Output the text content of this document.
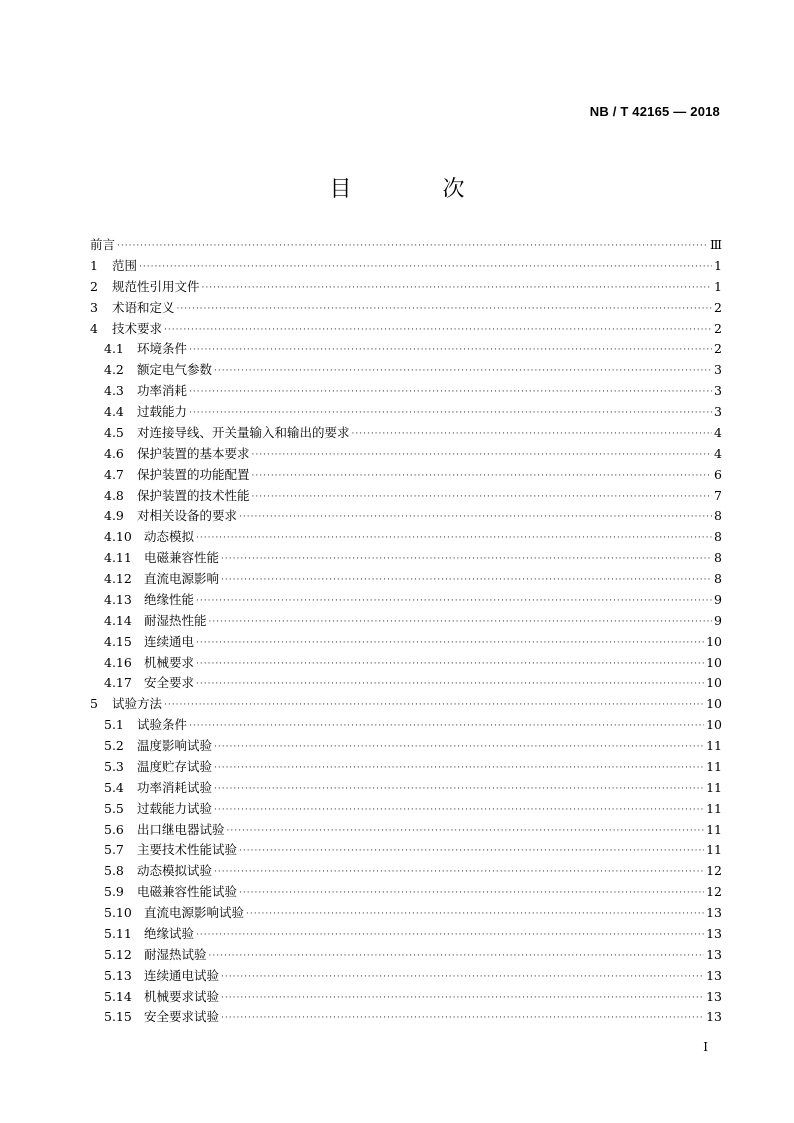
NB / T 42165 — 2018
目 次
前言 ·····	Ⅲ
1	范围 ·····	1
2	规范性引用文件 ·····	1
3	术语和定义 ·····	2
4	技术要求 ·····	2
4.1	环境条件 ·····	2
4.2	额定电气参数 ·····	3
4.3	功率消耗 ·····	3
4.4	过载能力 ·····	3
4.5	对连接导线、开关量输入和输出的要求 ·····	4
4.6	保护装置的基本要求 ·····	4
4.7	保护装置的功能配置 ·····	6
4.8	保护装置的技术性能 ·····	7
4.9	对相关设备的要求 ·····	8
4.10 动态模拟 ·····	8
4.11 电磁兼容性能 ·····	8
4.12 直流电源影响 ·····	8
4.13 绝缘性能 ·····	9
4.14 耐湿热性能 ·····	9
4.15 连续通电 ·····	10
4.16 机械要求 ·····	10
4.17 安全要求 ·····	10
5	试验方法 ·····	10
5.1	试验条件 ·····	10
5.2	温度影响试验 ·····	11
5.3	温度贮存试验 ·····	11
5.4	功率消耗试验 ·····	11
5.5	过载能力试验 ·····	11
5.6	出口继电器试验 ·····	11
5.7	主要技术性能试验 ·····	11
5.8	动态模拟试验 ·····	12
5.9	电磁兼容性能试验 ·····	12
5.10 直流电源影响试验 ·····	13
5.11 绝缘试验 ·····	13
5.12 耐湿热试验 ·····	13
5.13 连续通电试验 ·····	13
5.14 机械要求试验 ·····	13
5.15 安全要求试验 ·····	13
I
